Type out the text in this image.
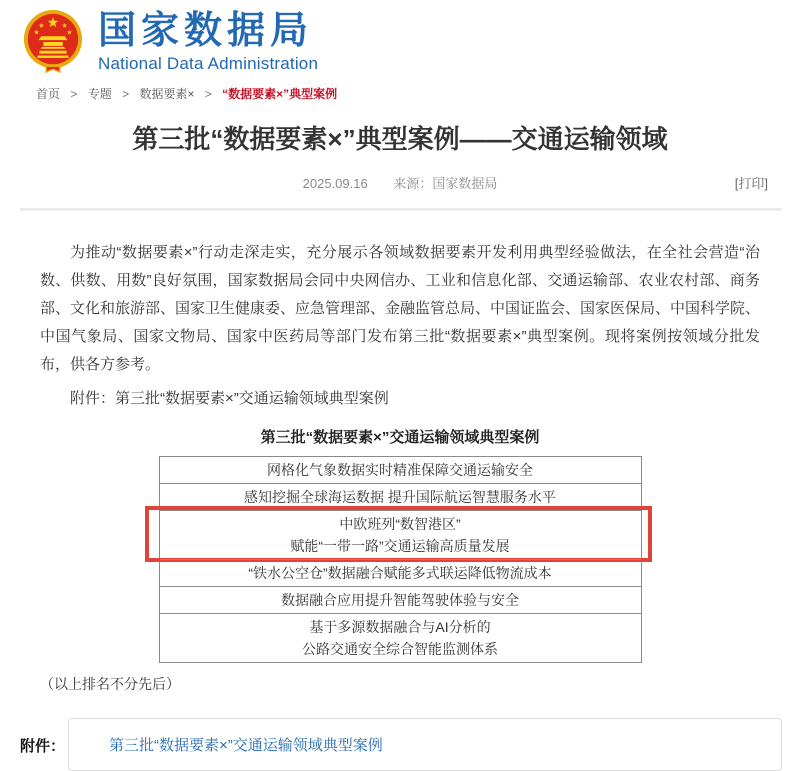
国家数据局
National Data Administration
首页 > 专题 > 数据要素× > “数据要素×”典型案例
第三批“数据要素×”典型案例——交通运输领域
2025.09.16 来源：国家数据局	[打印]

为推动“数据要素×”行动走深走实，充分展示各领域数据要素开发利用典型经验做法，在全社会营造“治数、供数、用数”良好氛围，国家数据局会同中央网信办、工业和信息化部、交通运输部、农业农村部、商务部、文化和旅游部、国家卫生健康委、应急管理部、金融监管总局、中国证监会、国家医保局、中国科学院、中国气象局、国家文物局、国家中医药局等部门发布第三批“数据要素×”典型案例。现将案例按领域分批发布，供各方参考。

附件：第三批“数据要素×”交通运输领域典型案例

第三批“数据要素×”交通运输领域典型案例
网格化气象数据实时精准保障交通运输安全
感知挖掘全球海运数据 提升国际航运智慧服务水平
中欧班列“数智港区”
赋能“一带一路”交通运输高质量发展
“铁水公空仓”数据融合赋能多式联运降低物流成本
数据融合应用提升智能驾驶体验与安全
基于多源数据融合与AI分析的
公路交通安全综合智能监测体系

（以上排名不分先后）

附件：	第三批“数据要素×”交通运输领域典型案例
